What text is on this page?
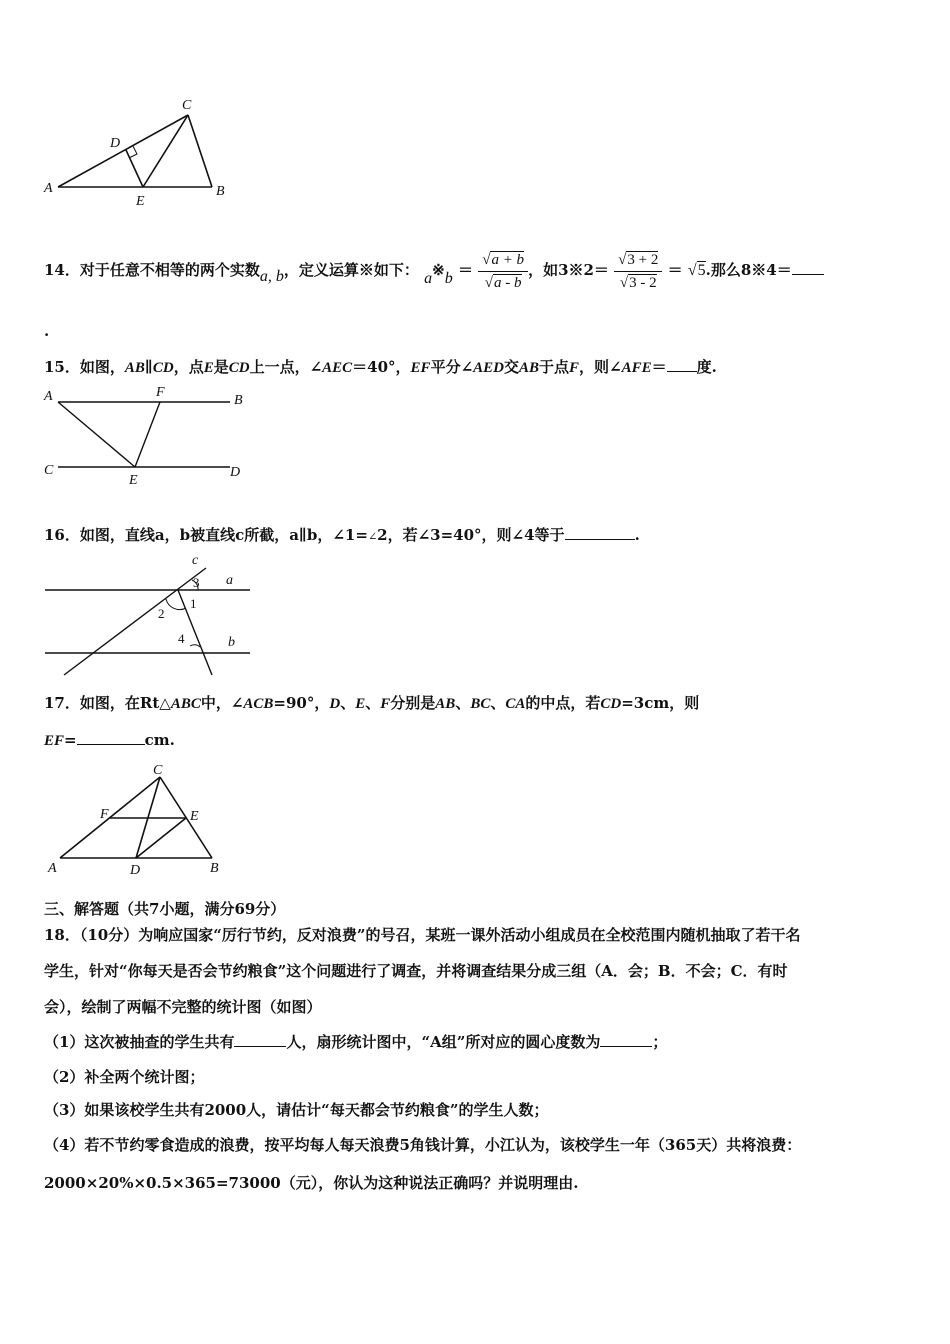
A	B
C
D
E
14．对于任意不相等的两个实数a, b，定义运算※如下： a※b ＝ $\frac{√a + b}{√a - b}$ ，如3※2＝ $\frac{√3 + 2}{√3 - 2} = √5$.那么8※4＝
.
15．如图，AB∥CD，点E是CD上一点，∠AEC＝40°，EF平分∠AED交AB于点F，则∠AFE＝ 度.
A	F
B
C
E
D
16．如图，直线a，b被直线c所截，a∥b，∠1=∠2，若∠3=40°，则∠4等于	.
c
a
b
1
2
3
4
17．如图，在Rt△ABC中，∠ACB=90°，D、E、F分别是AB、BC、CA的中点，若CD=3cm，则
EF=	cm.
C
F	E
A	D	B
三、解答题（共7小题，满分69分）
18．（10分）为响应国家“厉行节约，反对浪费”的号召，某班一课外活动小组成员在全校范围内随机抽取了若干名
学生，针对“你每天是否会节约粮食”这个问题进行了调查，并将调查结果分成三组（A．会；B．不会；C．有时
会），绘制了两幅不完整的统计图（如图）
（1）这次被抽查的学生共有	人，扇形统计图中，“A组”所对应的圆心度数为	；
（2）补全两个统计图；
（3）如果该校学生共有2000人，请估计“每天都会节约粮食”的学生人数；
（4）若不节约零食造成的浪费，按平均每人每天浪费5角钱计算，小江认为，该校学生一年（365天）共将浪费：
2000×20%×0.5×365=73000（元），你认为这种说法正确吗？并说明理由.
